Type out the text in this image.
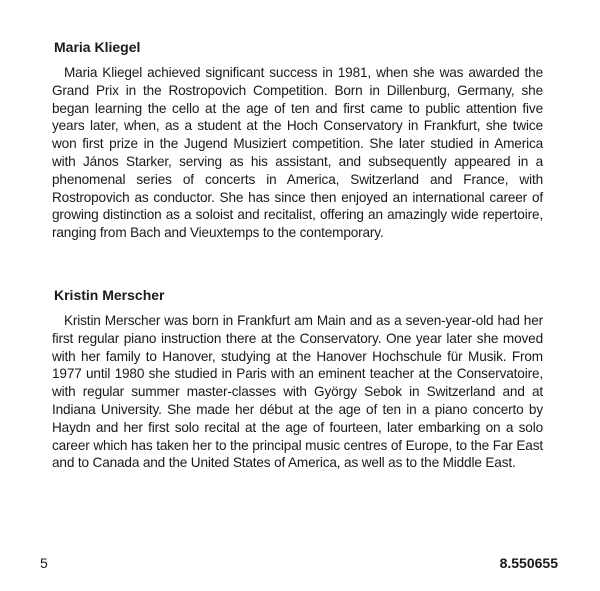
Maria Kliegel

Maria Kliegel achieved significant success in 1981, when she was awarded the Grand Prix in the Rostropovich Competition. Born in Dillenburg, Germany, she began learning the cello at the age of ten and first came to public attention five years later, when, as a student at the Hoch Conservatory in Frankfurt, she twice won first prize in the Jugend Musiziert competition. She later studied in America with János Starker, serving as his assistant, and subsequently appeared in a phenomenal series of concerts in America, Switzerland and France, with Rostropovich as conductor. She has since then enjoyed an international career of growing distinction as a soloist and recitalist, offering an amazingly wide repertoire, ranging from Bach and Vieuxtemps to the contemporary.

Kristin Merscher

Kristin Merscher was born in Frankfurt am Main and as a seven-year-old had her first regular piano instruction there at the Conservatory. One year later she moved with her family to Hanover, studying at the Hanover Hochschule für Musik. From 1977 until 1980 she studied in Paris with an eminent teacher at the Conservatoire, with regular summer master-classes with György Sebok in Switzerland and at Indiana University. She made her début at the age of ten in a piano concerto by Haydn and her first solo recital at the age of fourteen, later embarking on a solo career which has taken her to the principal music centres of Europe, to the Far East and to Canada and the United States of America, as well as to the Middle East.

5	8.550655
